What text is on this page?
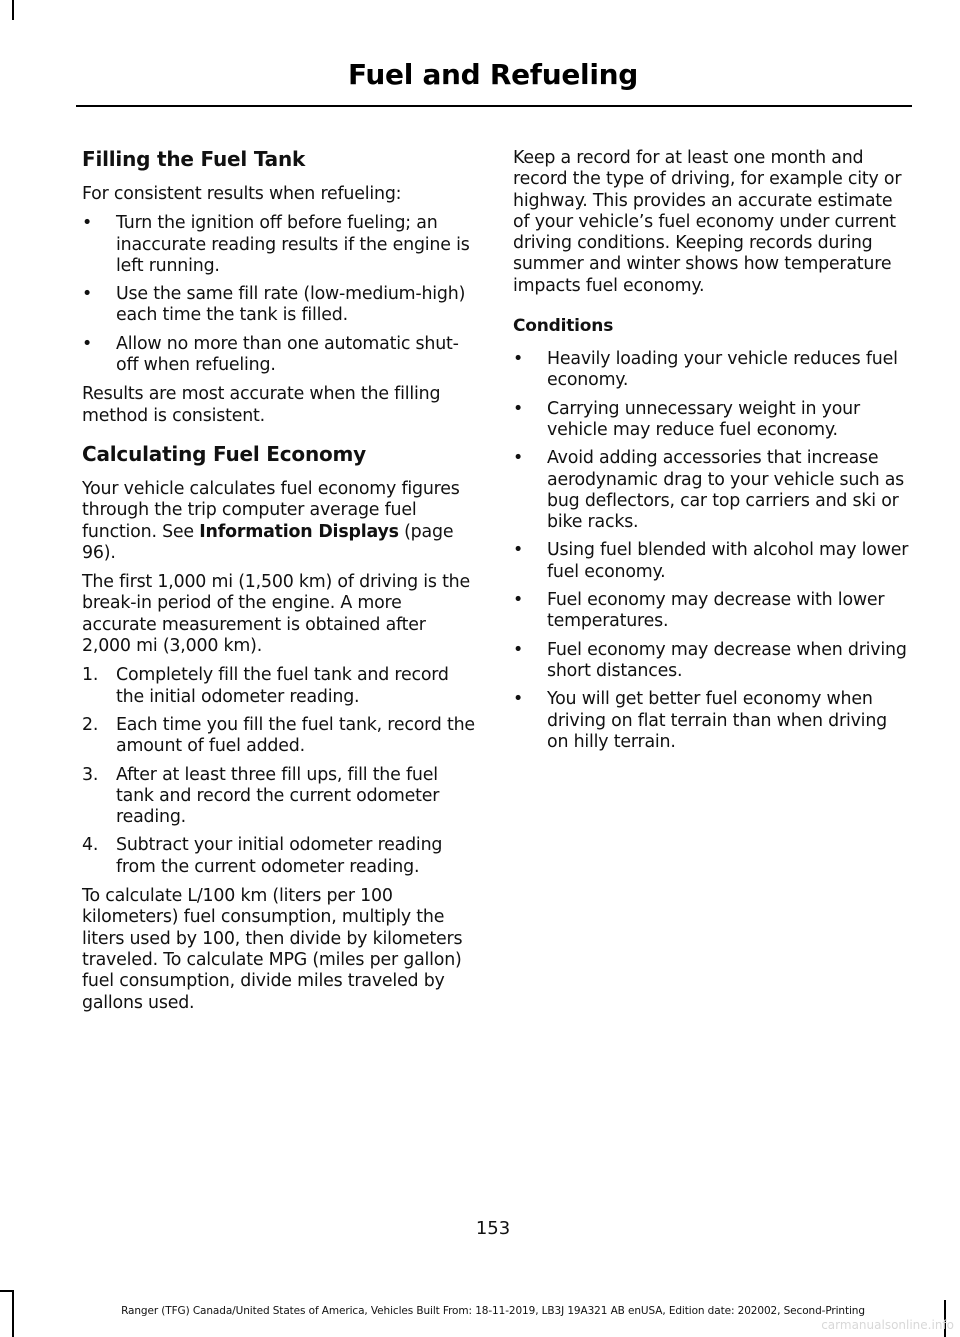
Fuel and Refueling
Filling the Fuel Tank

For consistent results when refueling:

•	Turn the ignition off before fueling; an inaccurate reading results if the engine is left running.
•	Use the same fill rate (low-medium-high) each time the tank is filled.
•	Allow no more than one automatic shut-off when refueling.

Results are most accurate when the filling method is consistent.

Calculating Fuel Economy

Your vehicle calculates fuel economy figures through the trip computer average fuel function. See Information Displays (page 96).

The first 1,000 mi (1,500 km) of driving is the break-in period of the engine. A more accurate measurement is obtained after 2,000 mi (3,000 km).

1.	Completely fill the fuel tank and record the initial odometer reading.
2.	Each time you fill the fuel tank, record the amount of fuel added.
3.	After at least three fill ups, fill the fuel tank and record the current odometer reading.
4.	Subtract your initial odometer reading from the current odometer reading.

To calculate L/100 km (liters per 100 kilometers) fuel consumption, multiply the liters used by 100, then divide by kilometers traveled. To calculate MPG (miles per gallon) fuel consumption, divide miles traveled by gallons used.

Keep a record for at least one month and record the type of driving, for example city or highway. This provides an accurate estimate of your vehicle’s fuel economy under current driving conditions. Keeping records during summer and winter shows how temperature impacts fuel economy.

Conditions
•	Heavily loading your vehicle reduces fuel economy.
•	Carrying unnecessary weight in your vehicle may reduce fuel economy.
•	Avoid adding accessories that increase aerodynamic drag to your vehicle such as bug deflectors, car top carriers and ski or bike racks.
•	Using fuel blended with alcohol may lower fuel economy.
•	Fuel economy may decrease with lower temperatures.
•	Fuel economy may decrease when driving short distances.
•	You will get better fuel economy when driving on flat terrain than when driving on hilly terrain.
153
Ranger (TFG) Canada/United States of America, Vehicles Built From: 18-11-2019, LB3J 19A321 AB enUSA, Edition date: 202002, Second-Printing
carmanualsonline.info
